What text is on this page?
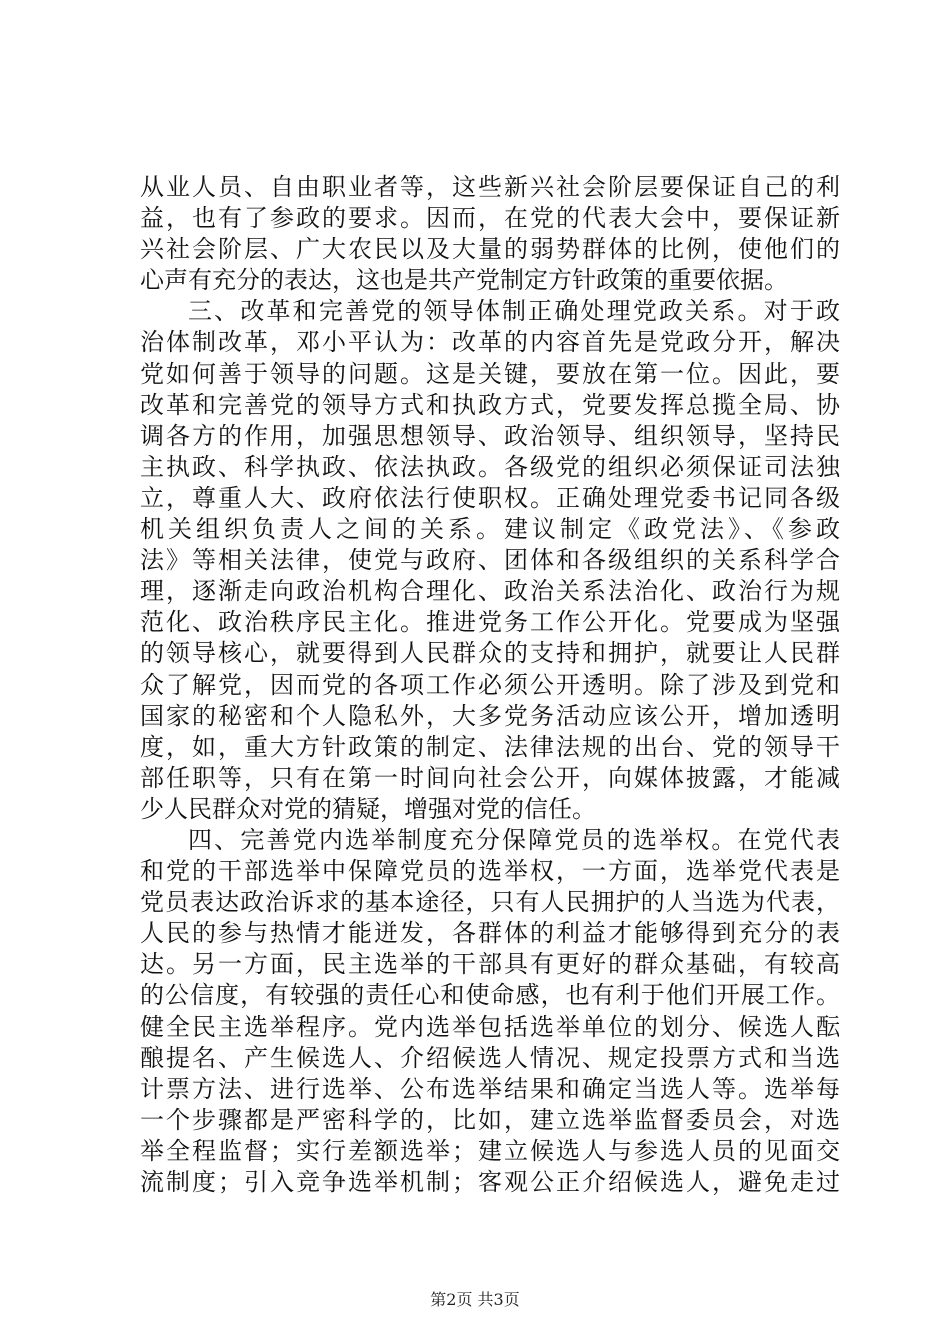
从业人员、自由职业者等，这些新兴社会阶层要保证自己的利
益，也有了参政的要求。因而，在党的代表大会中，要保证新
兴社会阶层、广大农民以及大量的弱势群体的比例，使他们的
心声有充分的表达，这也是共产党制定方针政策的重要依据。
三、改革和完善党的领导体制正确处理党政关系。对于政
治体制改革，邓小平认为：改革的内容首先是党政分开，解决
党如何善于领导的问题。这是关键，要放在第一位。因此，要
改革和完善党的领导方式和执政方式，党要发挥总揽全局、协
调各方的作用，加强思想领导、政治领导、组织领导，坚持民
主执政、科学执政、依法执政。各级党的组织必须保证司法独
立，尊重人大、政府依法行使职权。正确处理党委书记同各级
机关组织负责人之间的关系。建议制定《政党法》、《参政
法》等相关法律，使党与政府、团体和各级组织的关系科学合
理，逐渐走向政治机构合理化、政治关系法治化、政治行为规
范化、政治秩序民主化。推进党务工作公开化。党要成为坚强
的领导核心，就要得到人民群众的支持和拥护，就要让人民群
众了解党，因而党的各项工作必须公开透明。除了涉及到党和
国家的秘密和个人隐私外，大多党务活动应该公开，增加透明
度，如，重大方针政策的制定、法律法规的出台、党的领导干
部任职等，只有在第一时间向社会公开，向媒体披露，才能减
少人民群众对党的猜疑，增强对党的信任。
四、完善党内选举制度充分保障党员的选举权。在党代表
和党的干部选举中保障党员的选举权，一方面，选举党代表是
党员表达政治诉求的基本途径，只有人民拥护的人当选为代表，
人民的参与热情才能迸发，各群体的利益才能够得到充分的表
达。另一方面，民主选举的干部具有更好的群众基础，有较高
的公信度，有较强的责任心和使命感，也有利于他们开展工作。
健全民主选举程序。党内选举包括选举单位的划分、候选人酝
酿提名、产生候选人、介绍候选人情况、规定投票方式和当选
计票方法、进行选举、公布选举结果和确定当选人等。选举每
一个步骤都是严密科学的，比如，建立选举监督委员会，对选
举全程监督；实行差额选举；建立候选人与参选人员的见面交
流制度；引入竞争选举机制；客观公正介绍候选人，避免走过
第2页 共3页
